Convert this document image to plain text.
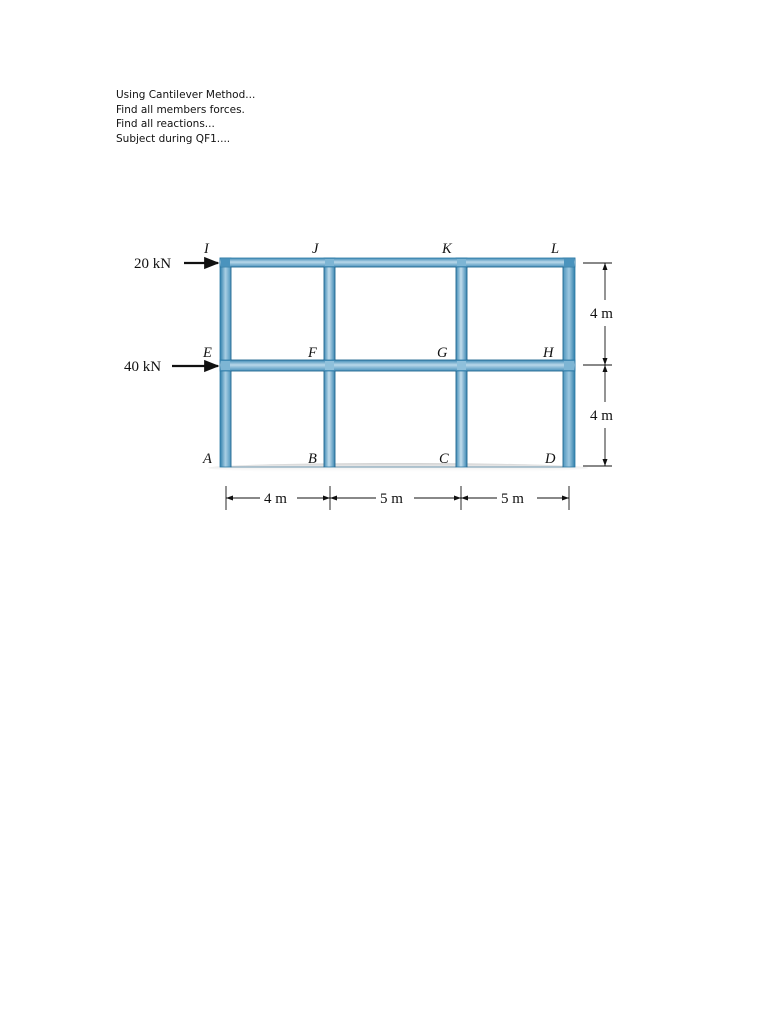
Using Cantilever Method...
Find all members forces.
Find all reactions...
Subject during QF1....
I	J	K	L
E	F	G	H
A	B	C	D
20 kN
40 kN
4 m
4 m
4 m	5 m	5 m
